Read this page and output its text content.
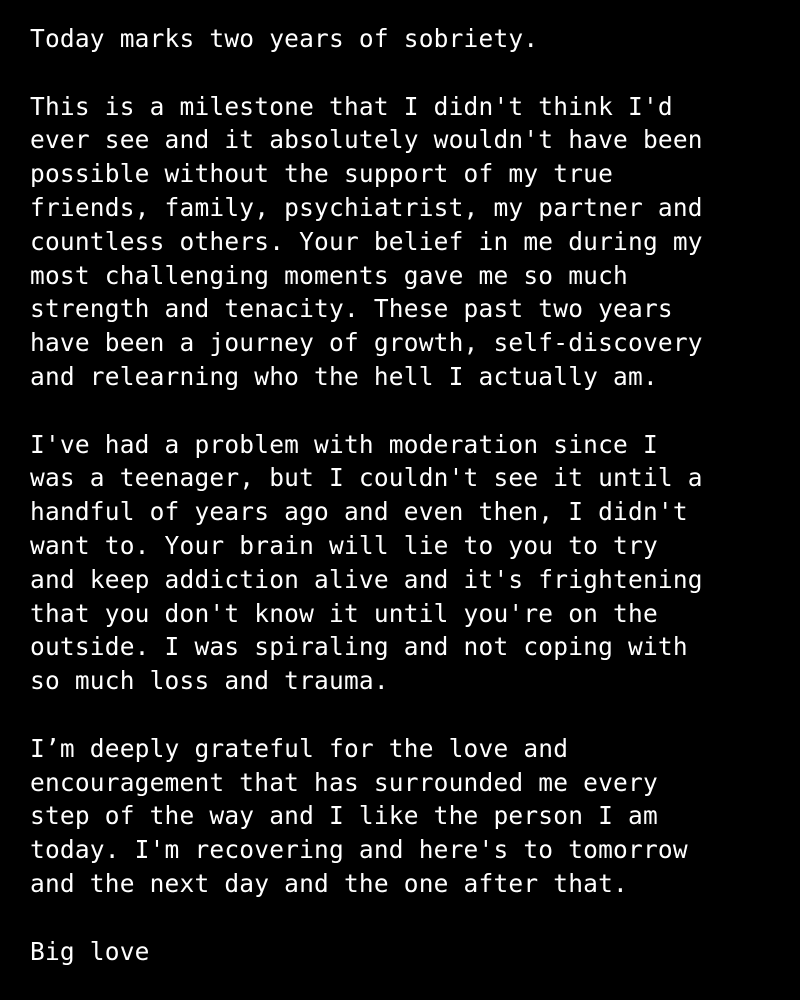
Today marks two years of sobriety.
This is a milestone that I didn't think I'd
ever see and it absolutely wouldn't have been
possible without the support of my true
friends, family, psychiatrist, my partner and
countless others. Your belief in me during my
most challenging moments gave me so much
strength and tenacity. These past two years
have been a journey of growth, self-discovery
and relearning who the hell I actually am.
I've had a problem with moderation since I
was a teenager, but I couldn't see it until a
handful of years ago and even then, I didn't
want to. Your brain will lie to you to try
and keep addiction alive and it's frightening
that you don't know it until you're on the
outside. I was spiraling and not coping with
so much loss and trauma.
I’m deeply grateful for the love and
encouragement that has surrounded me every
step of the way and I like the person I am
today. I'm recovering and here's to tomorrow
and the next day and the one after that.
Big love
